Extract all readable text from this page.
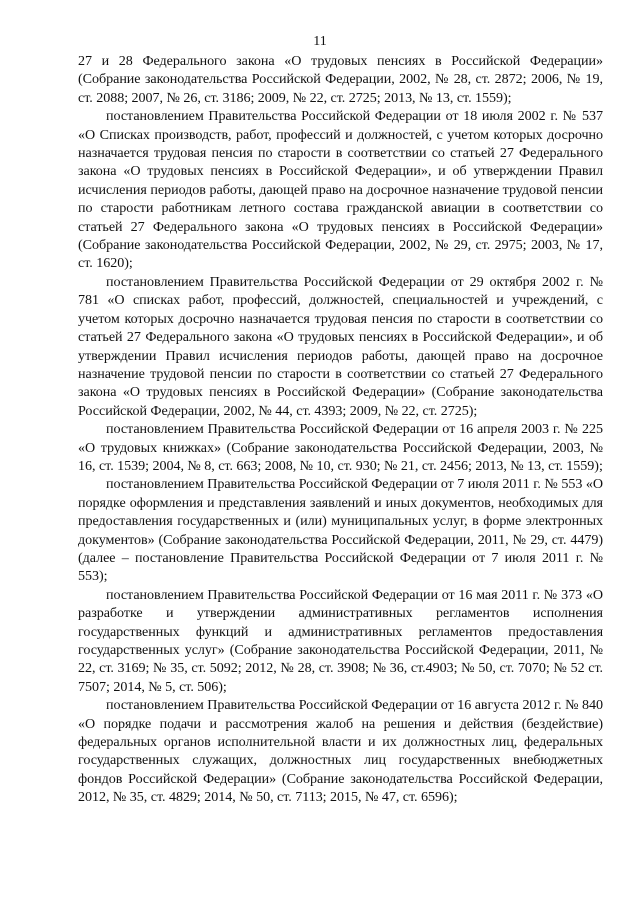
11

27 и 28 Федерального закона «О трудовых пенсиях в Российской Федерации» (Собрание законодательства Российской Федерации, 2002, № 28, ст. 2872; 2006, № 19, ст. 2088; 2007, № 26, ст. 3186; 2009, № 22, ст. 2725; 2013, № 13, ст. 1559);

постановлением Правительства Российской Федерации от 18 июля 2002 г. № 537 «О Списках производств, работ, профессий и должностей, с учетом которых досрочно назначается трудовая пенсия по старости в соответствии со статьей 27 Федерального закона «О трудовых пенсиях в Российской Федерации», и об утверждении Правил исчисления периодов работы, дающей право на досрочное назначение трудовой пенсии по старости работникам летного состава гражданской авиации в соответствии со статьей 27 Федерального закона «О трудовых пенсиях в Российской Федерации» (Собрание законодательства Российской Федерации, 2002, № 29, ст. 2975; 2003, № 17, ст. 1620);

постановлением Правительства Российской Федерации от 29 октября 2002 г. № 781 «О списках работ, профессий, должностей, специальностей и учреждений, с учетом которых досрочно назначается трудовая пенсия по старости в соответствии со статьей 27 Федерального закона «О трудовых пенсиях в Российской Федерации», и об утверждении Правил исчисления периодов работы, дающей право на досрочное назначение трудовой пенсии по старости в соответствии со статьей 27 Федерального закона «О трудовых пенсиях в Российской Федерации» (Собрание законодательства Российской Федерации, 2002, № 44, ст. 4393; 2009, № 22, ст. 2725);

постановлением Правительства Российской Федерации от 16 апреля 2003 г. № 225 «О трудовых книжках» (Собрание законодательства Российской Федерации, 2003, № 16, ст. 1539; 2004, № 8, ст. 663; 2008, № 10, ст. 930; № 21, ст. 2456; 2013, № 13, ст. 1559);

постановлением Правительства Российской Федерации от 7 июля 2011 г. № 553 «О порядке оформления и представления заявлений и иных документов, необходимых для предоставления государственных и (или) муниципальных услуг, в форме электронных документов» (Собрание законодательства Российской Федерации, 2011, № 29, ст. 4479) (далее – постановление Правительства Российской Федерации от 7 июля 2011 г. № 553);

постановлением Правительства Российской Федерации от 16 мая 2011 г. № 373 «О разработке и утверждении административных регламентов исполнения государственных функций и административных регламентов предоставления государственных услуг» (Собрание законодательства Российской Федерации, 2011, № 22, ст. 3169; № 35, ст. 5092; 2012, № 28, ст. 3908; № 36, ст.4903; № 50, ст. 7070; № 52 ст. 7507; 2014, № 5, ст. 506);

постановлением Правительства Российской Федерации от 16 августа 2012 г. № 840 «О порядке подачи и рассмотрения жалоб на решения и действия (бездействие) федеральных органов исполнительной власти и их должностных лиц, федеральных государственных служащих, должностных лиц государственных внебюджетных фондов Российской Федерации» (Собрание законодательства Российской Федерации, 2012, № 35, ст. 4829; 2014, № 50, ст. 7113; 2015, № 47, ст. 6596);
